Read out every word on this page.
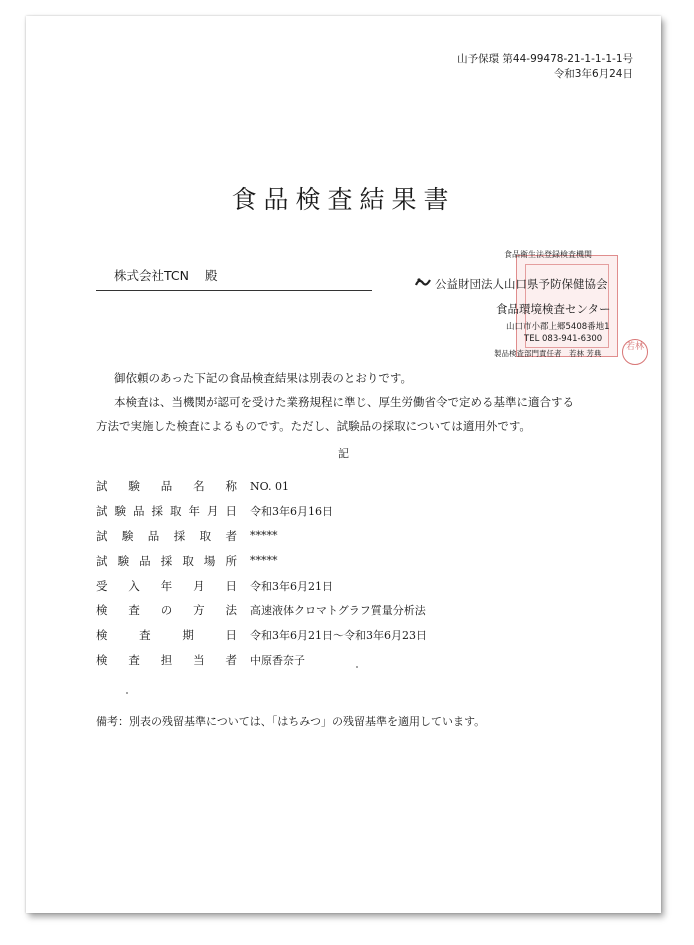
山予保環 第44-99478-21-1-1-1-1号
令和3年6月24日
食品検査結果書
株式会社TCN 殿
食品衛生法登録検査機関
公益財団法人山口県予防保健協会
食品環境検査センター
山口市小郡上郷5408番地1
TEL 083-941-6300
製品検査部門責任者　若林 芳典
若林
御依頼のあった下記の食品検査結果は別表のとおりです。
本検査は、当機関が認可を受けた業務規程に準じ、厚生労働省令で定める基準に適合する
方法で実施した検査によるものです。ただし、試験品の採取については適用外です。
記
試験品名称	NO. 01
試験品採取年月日	令和3年6月16日
試験品採取者	*****
試験品採取場所	*****
受入年月日	令和3年6月21日
検査の方法	高速液体クロマトグラフ質量分析法
検査期日	令和3年6月21日～令和3年6月23日
検査担当者	中原香奈子
備考：別表の残留基準については、「はちみつ」の残留基準を適用しています。
